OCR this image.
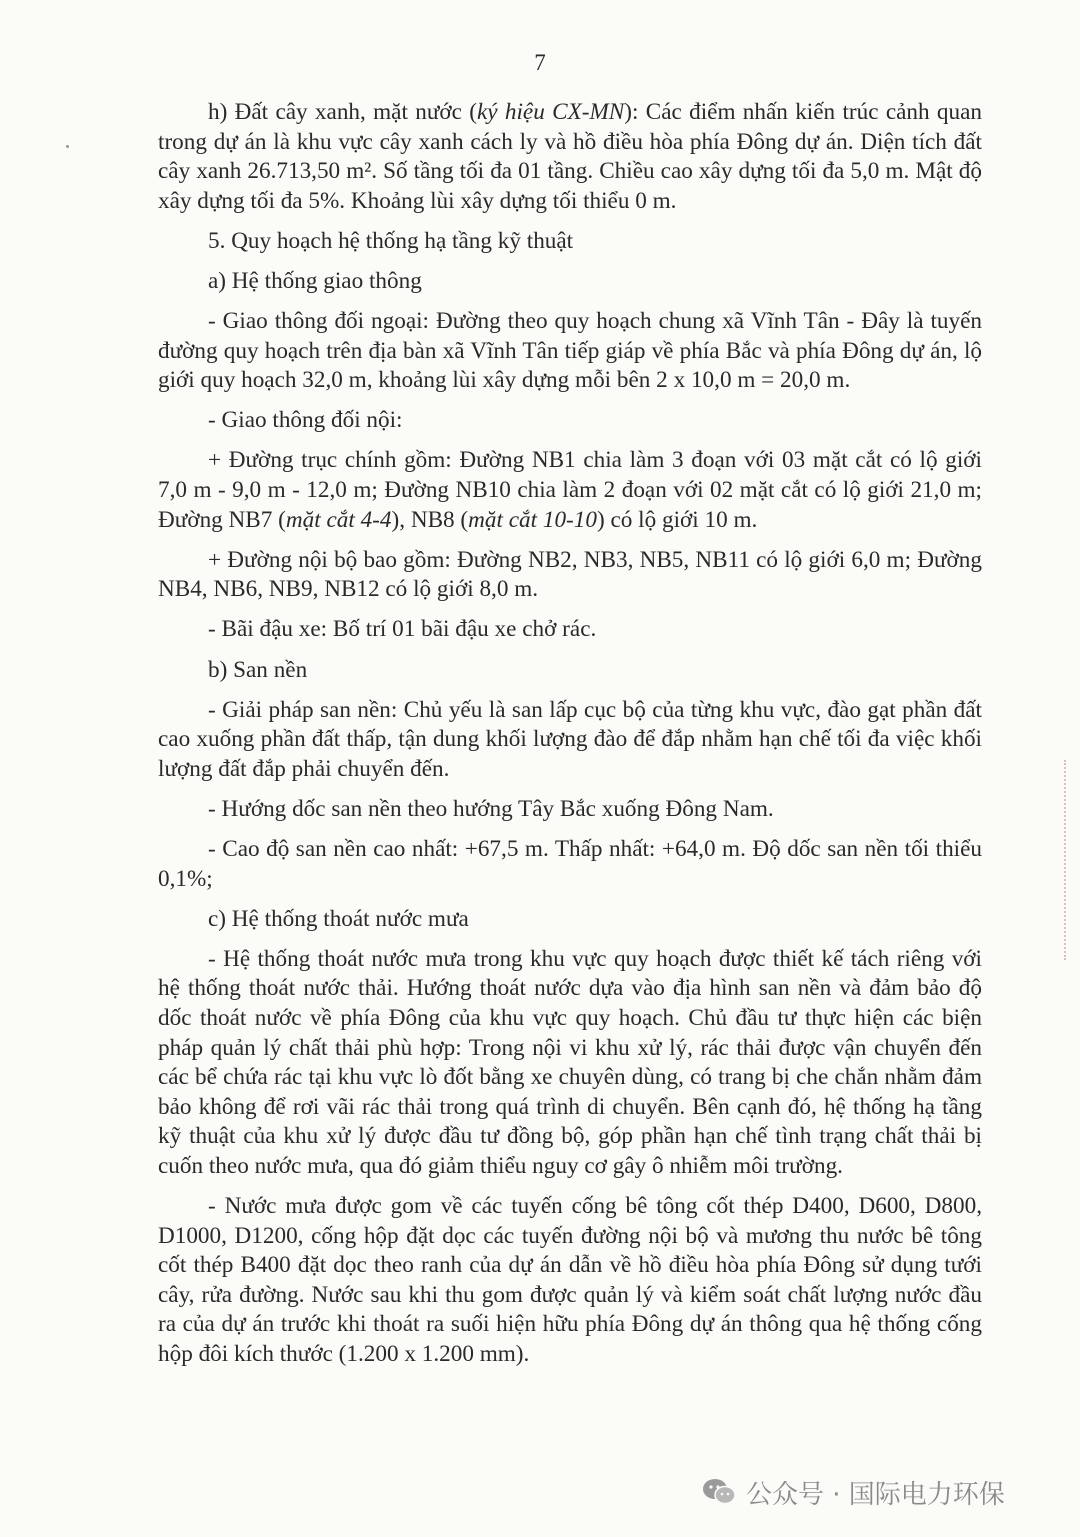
7

h) Đất cây xanh, mặt nước (ký hiệu CX-MN): Các điểm nhấn kiến trúc cảnh quan trong dự án là khu vực cây xanh cách ly và hồ điều hòa phía Đông dự án. Diện tích đất cây xanh 26.713,50 m². Số tầng tối đa 01 tầng. Chiều cao xây dựng tối đa 5,0 m. Mật độ xây dựng tối đa 5%. Khoảng lùi xây dựng tối thiểu 0 m.

5. Quy hoạch hệ thống hạ tầng kỹ thuật

a) Hệ thống giao thông

- Giao thông đối ngoại: Đường theo quy hoạch chung xã Vĩnh Tân - Đây là tuyến đường quy hoạch trên địa bàn xã Vĩnh Tân tiếp giáp về phía Bắc và phía Đông dự án, lộ giới quy hoạch 32,0 m, khoảng lùi xây dựng mỗi bên 2 x 10,0 m = 20,0 m.

- Giao thông đối nội:

+ Đường trục chính gồm: Đường NB1 chia làm 3 đoạn với 03 mặt cắt có lộ giới 7,0 m - 9,0 m - 12,0 m; Đường NB10 chia làm 2 đoạn với 02 mặt cắt có lộ giới 21,0 m; Đường NB7 (mặt cắt 4-4), NB8 (mặt cắt 10-10) có lộ giới 10 m.

+ Đường nội bộ bao gồm: Đường NB2, NB3, NB5, NB11 có lộ giới 6,0 m; Đường NB4, NB6, NB9, NB12 có lộ giới 8,0 m.

- Bãi đậu xe: Bố trí 01 bãi đậu xe chở rác.

b) San nền

- Giải pháp san nền: Chủ yếu là san lấp cục bộ của từng khu vực, đào gạt phần đất cao xuống phần đất thấp, tận dung khối lượng đào để đắp nhằm hạn chế tối đa việc khối lượng đất đắp phải chuyển đến.

- Hướng dốc san nền theo hướng Tây Bắc xuống Đông Nam.

- Cao độ san nền cao nhất: +67,5 m. Thấp nhất: +64,0 m. Độ dốc san nền tối thiểu 0,1%;

c) Hệ thống thoát nước mưa

- Hệ thống thoát nước mưa trong khu vực quy hoạch được thiết kế tách riêng với hệ thống thoát nước thải. Hướng thoát nước dựa vào địa hình san nền và đảm bảo độ dốc thoát nước về phía Đông của khu vực quy hoạch. Chủ đầu tư thực hiện các biện pháp quản lý chất thải phù hợp: Trong nội vi khu xử lý, rác thải được vận chuyển đến các bể chứa rác tại khu vực lò đốt bằng xe chuyên dùng, có trang bị che chắn nhằm đảm bảo không để rơi vãi rác thải trong quá trình di chuyển. Bên cạnh đó, hệ thống hạ tầng kỹ thuật của khu xử lý được đầu tư đồng bộ, góp phần hạn chế tình trạng chất thải bị cuốn theo nước mưa, qua đó giảm thiểu nguy cơ gây ô nhiễm môi trường.

- Nước mưa được gom về các tuyến cống bê tông cốt thép D400, D600, D800, D1000, D1200, cống hộp đặt dọc các tuyến đường nội bộ và mương thu nước bê tông cốt thép B400 đặt dọc theo ranh của dự án dẫn về hồ điều hòa phía Đông sử dụng tưới cây, rửa đường. Nước sau khi thu gom được quản lý và kiểm soát chất lượng nước đầu ra của dự án trước khi thoát ra suối hiện hữu phía Đông dự án thông qua hệ thống cống hộp đôi kích thước (1.200 x 1.200 mm).

公众号 · 国际电力环保
